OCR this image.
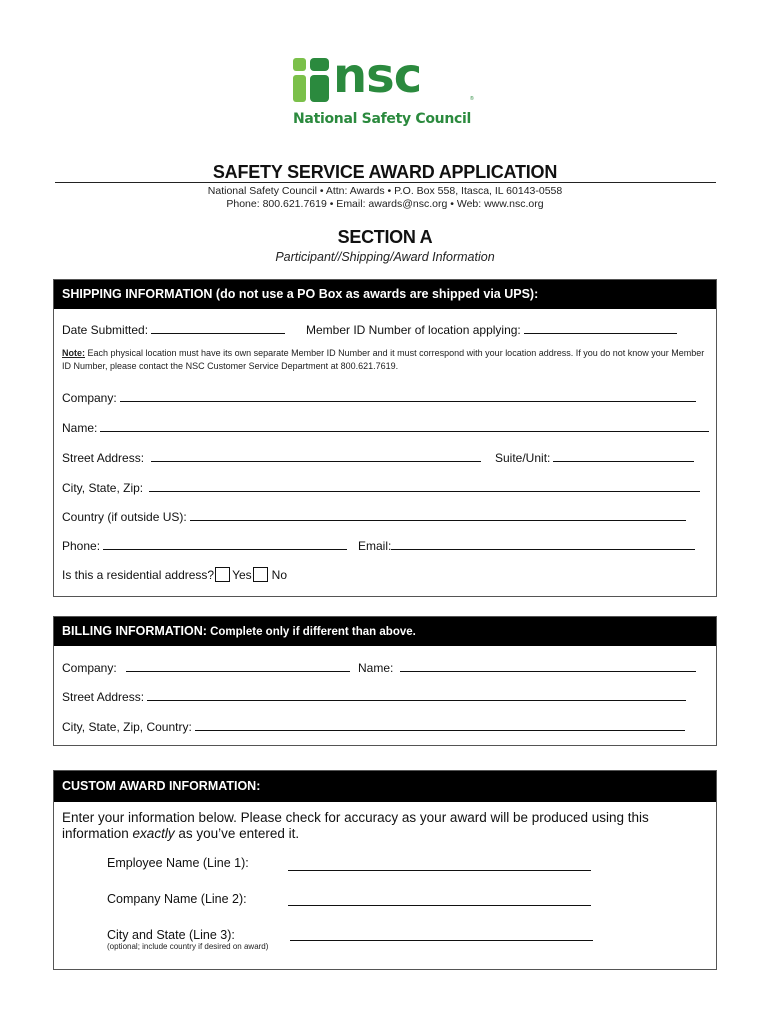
nsc	®
National Safety Council
SAFETY SERVICE AWARD APPLICATION
National Safety Council • Attn: Awards • P.O. Box 558, Itasca, IL 60143-0558
Phone: 800.621.7619 • Email: awards@nsc.org • Web: www.nsc.org
SECTION A
Participant//Shipping/Award Information
SHIPPING INFORMATION (do not use a PO Box as awards are shipped via UPS):
Date Submitted:	Member ID Number of location applying:
Note: Each physical location must have its own separate Member ID Number and it must correspond with your location address. If you do not know your Member ID Number, please contact the NSC Customer Service Department at 800.621.7619.
Company:
Name:
Street Address:	Suite/Unit:
City, State, Zip:
Country (if outside US):
Phone:	Email:
Is this a residential address? Yes No
BILLING INFORMATION: Complete only if different than above.
Company:	Name:
Street Address:
City, State, Zip, Country:
CUSTOM AWARD INFORMATION:
Enter your information below. Please check for accuracy as your award will be produced using this information exactly as you’ve entered it.
Employee Name (Line 1):
Company Name (Line 2):
City and State (Line 3):
(optional; include country if desired on award)
